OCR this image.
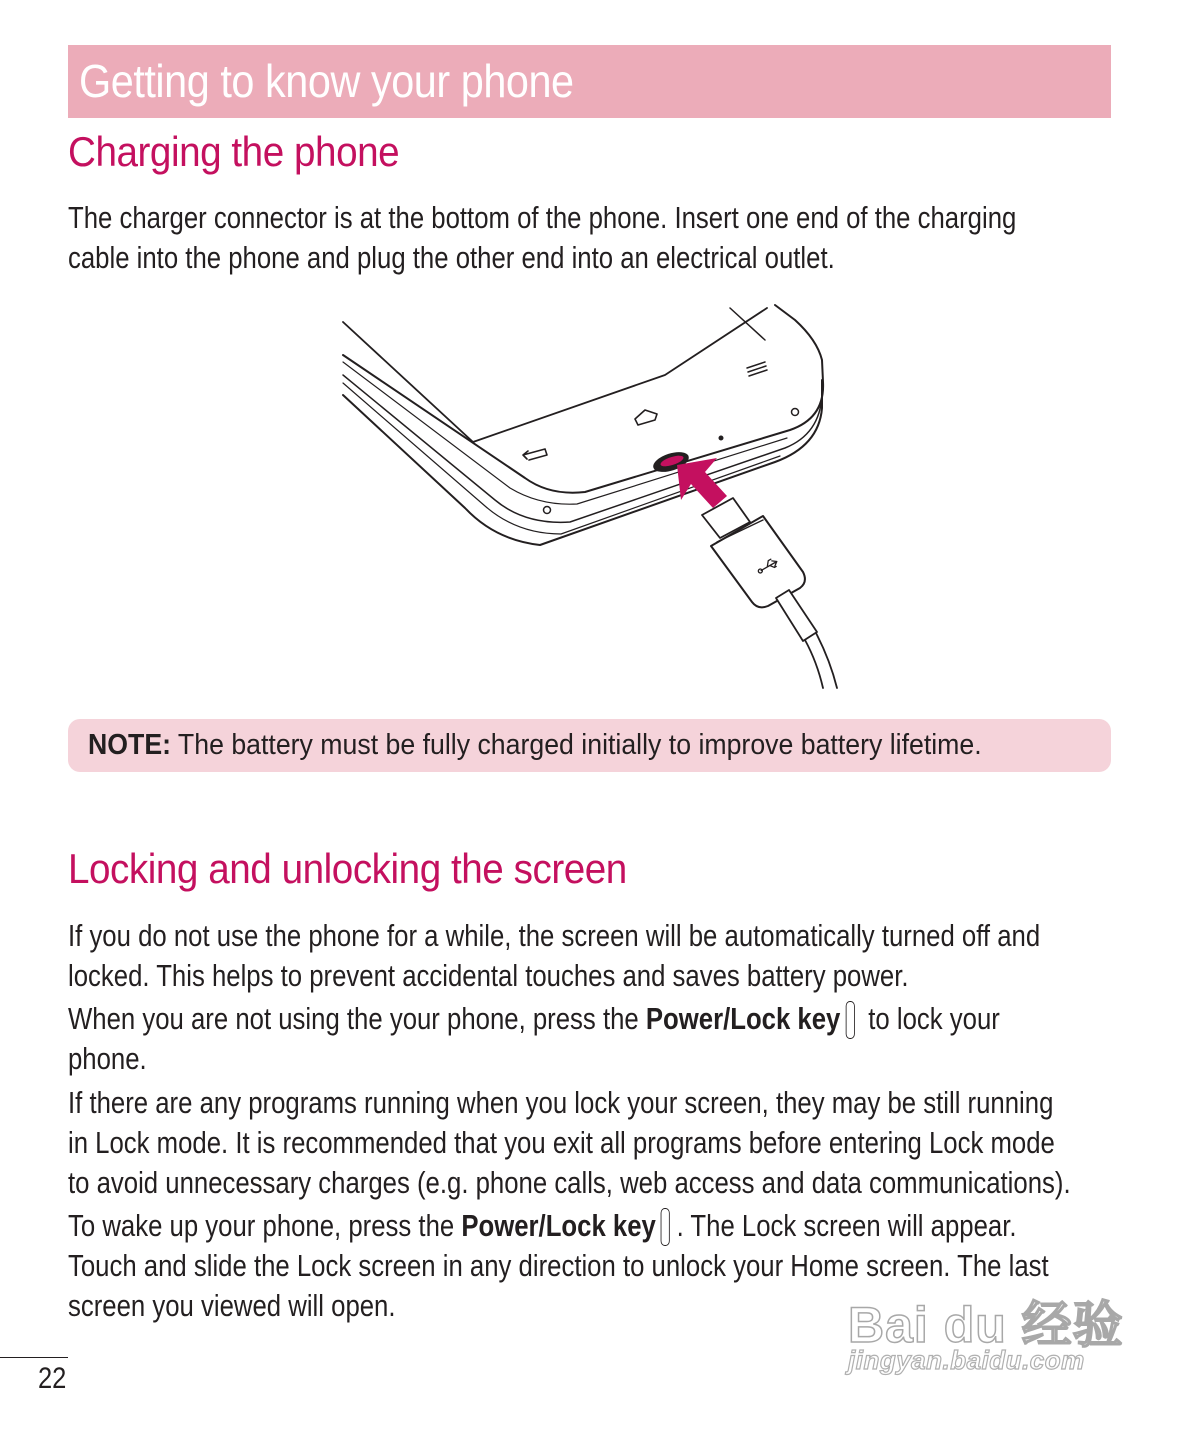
Getting to know your phone
Charging the phone

The charger connector is at the bottom of the phone. Insert one end of the charging
cable into the phone and plug the other end into an electrical outlet.

NOTE: The battery must be fully charged initially to improve battery lifetime.

Locking and unlocking the screen

If you do not use the phone for a while, the screen will be automatically turned off and
locked. This helps to prevent accidental touches and saves battery power.

When you are not using the your phone, press the Power/Lock key to lock your
phone.

If there are any programs running when you lock your screen, they may be still running
in Lock mode. It is recommended that you exit all programs before entering Lock mode
to avoid unnecessary charges (e.g. phone calls, web access and data communications).

To wake up your phone, press the Power/Lock key . The Lock screen will appear.
Touch and slide the Lock screen in any direction to unlock your Home screen. The last
screen you viewed will open.

22
Bai du 经验
jingyan.baidu.com
